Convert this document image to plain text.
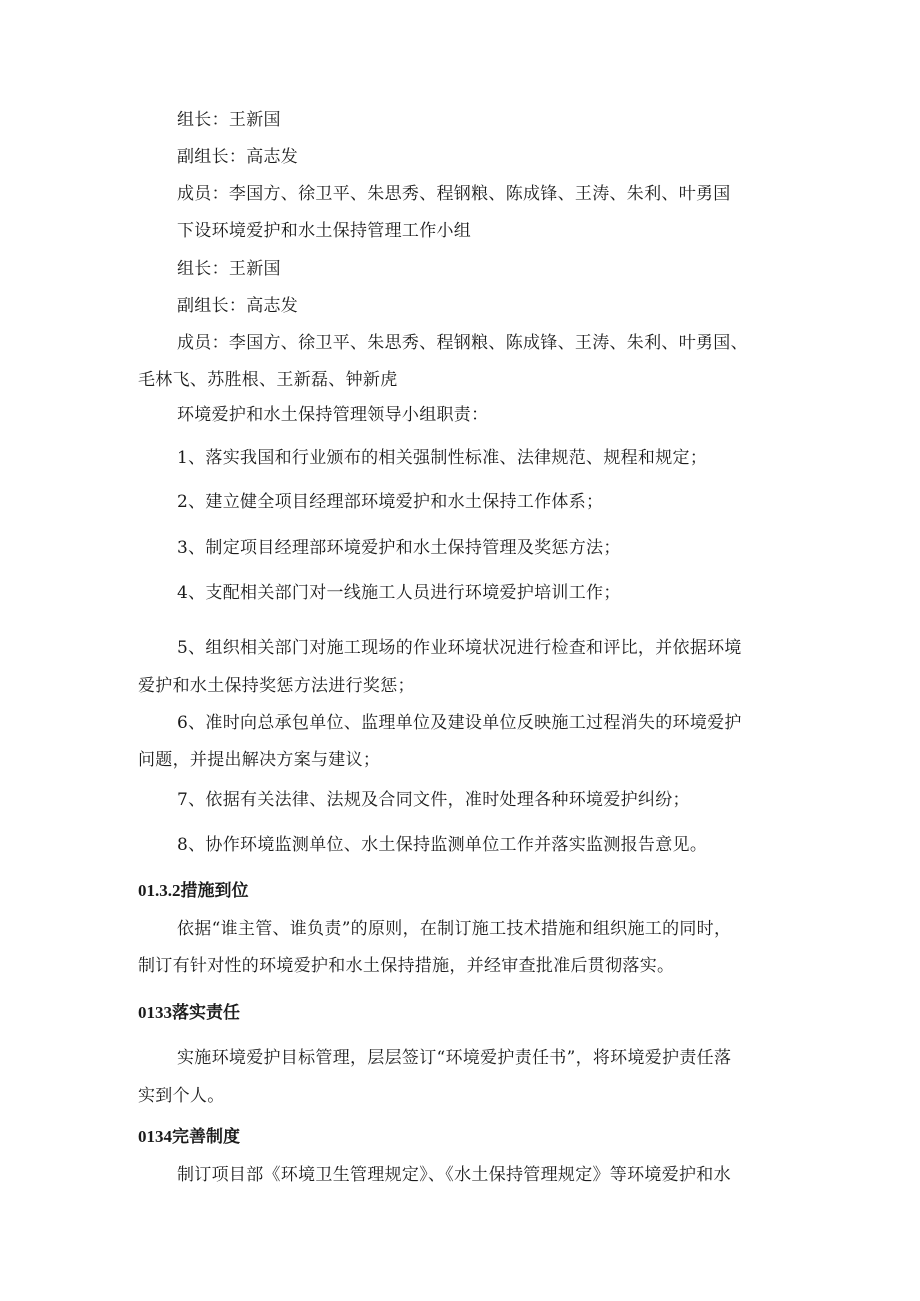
组长：王新国
副组长：高志发
成员：李国方、徐卫平、朱思秀、程钢粮、陈成锋、王涛、朱利、叶勇国
下设环境爱护和水土保持管理工作小组
组长：王新国
副组长：高志发
成员：李国方、徐卫平、朱思秀、程钢粮、陈成锋、王涛、朱利、叶勇国、
毛林飞、苏胜根、王新磊、钟新虎
环境爱护和水土保持管理领导小组职责：
1、落实我国和行业颁布的相关强制性标准、法律规范、规程和规定；
2、建立健全项目经理部环境爱护和水土保持工作体系；
3、制定项目经理部环境爱护和水土保持管理及奖惩方法；
4、支配相关部门对一线施工人员进行环境爱护培训工作；
5、组织相关部门对施工现场的作业环境状况进行检查和评比，并依据环境
爱护和水土保持奖惩方法进行奖惩；
6、准时向总承包单位、监理单位及建设单位反映施工过程消失的环境爱护
问题，并提出解决方案与建议；
7、依据有关法律、法规及合同文件，准时处理各种环境爱护纠纷；
8、协作环境监测单位、水土保持监测单位工作并落实监测报告意见。
01.3.2措施到位
依据“谁主管、谁负责”的原则，在制订施工技术措施和组织施工的同时，
制订有针对性的环境爱护和水土保持措施，并经审查批准后贯彻落实。
0133落实责任
实施环境爱护目标管理，层层签订“环境爱护责任书”，将环境爱护责任落
实到个人。
0134完善制度
制订项目部《环境卫生管理规定》、《水土保持管理规定》等环境爱护和水
